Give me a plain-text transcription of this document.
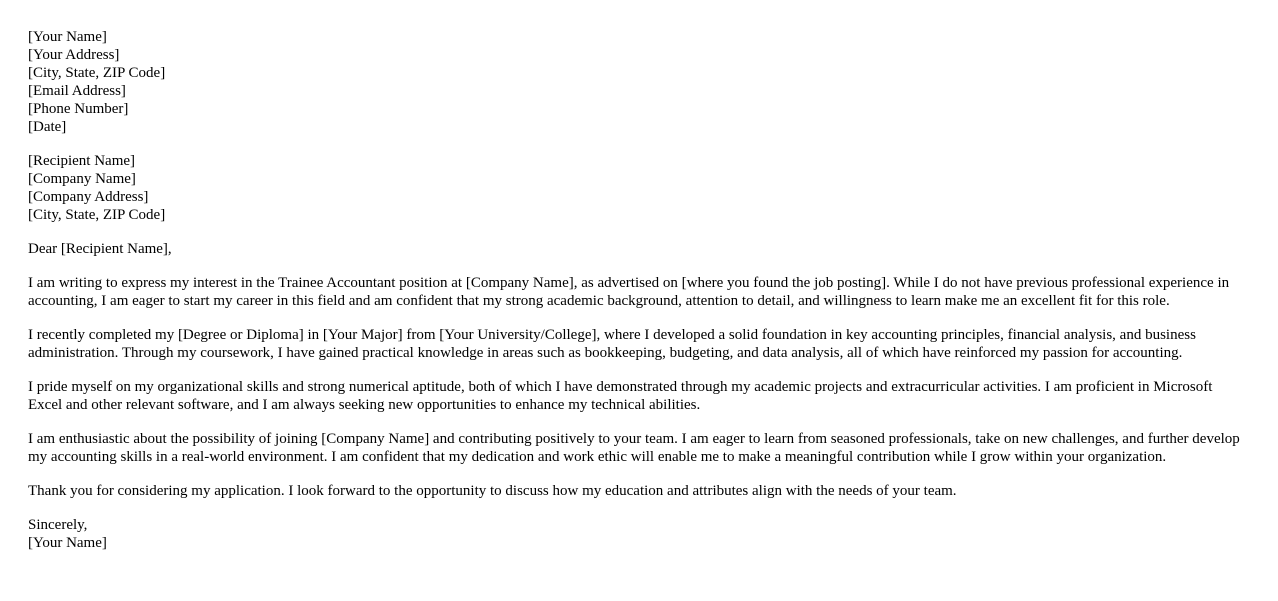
[Your Name]
[Your Address]
[City, State, ZIP Code]
[Email Address]
[Phone Number]
[Date]
[Recipient Name]
[Company Name]
[Company Address]
[City, State, ZIP Code]

Dear [Recipient Name],

I am writing to express my interest in the Trainee Accountant position at [Company Name], as advertised on [where you found the job posting]. While I do not have previous professional experience in accounting, I am eager to start my career in this field and am confident that my strong academic background, attention to detail, and willingness to learn make me an excellent fit for this role.

I recently completed my [Degree or Diploma] in [Your Major] from [Your University/College], where I developed a solid foundation in key accounting principles, financial analysis, and business administration. Through my coursework, I have gained practical knowledge in areas such as bookkeeping, budgeting, and data analysis, all of which have reinforced my passion for accounting.

I pride myself on my organizational skills and strong numerical aptitude, both of which I have demonstrated through my academic projects and extracurricular activities. I am proficient in Microsoft Excel and other relevant software, and I am always seeking new opportunities to enhance my technical abilities.

I am enthusiastic about the possibility of joining [Company Name] and contributing positively to your team. I am eager to learn from seasoned professionals, take on new challenges, and further develop my accounting skills in a real-world environment. I am confident that my dedication and work ethic will enable me to make a meaningful contribution while I grow within your organization.

Thank you for considering my application. I look forward to the opportunity to discuss how my education and attributes align with the needs of your team.

Sincerely,
[Your Name]
